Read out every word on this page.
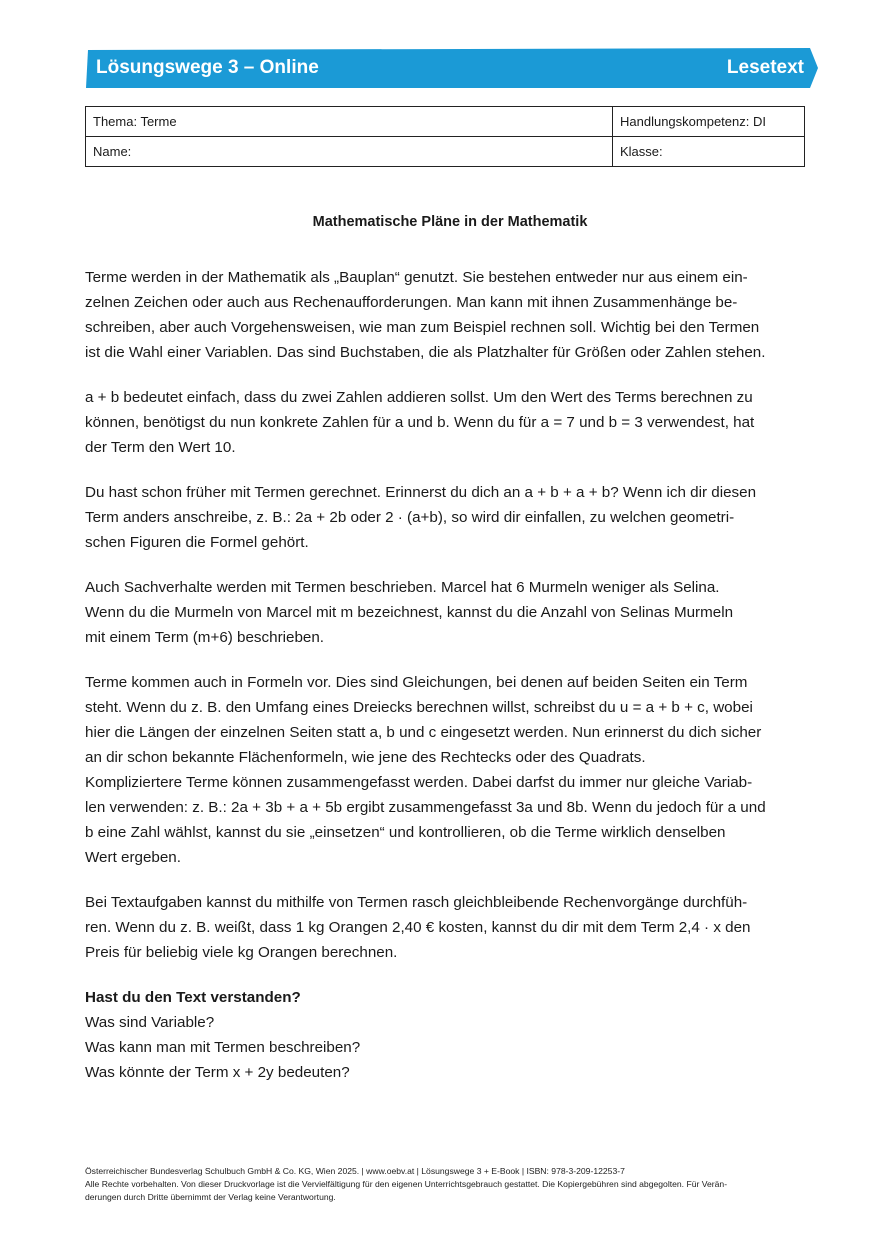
Lösungswege 3 – Online	Lesetext
Thema: Terme	Handlungskompetenz: DI
Name:	Klasse:
Mathematische Pläne in der Mathematik

Terme werden in der Mathematik als „Bauplan“ genutzt. Sie bestehen entweder nur aus einem ein-
zelnen Zeichen oder auch aus Rechenaufforderungen. Man kann mit ihnen Zusammenhänge be-
schreiben, aber auch Vorgehensweisen, wie man zum Beispiel rechnen soll. Wichtig bei den Termen
ist die Wahl einer Variablen. Das sind Buchstaben, die als Platzhalter für Größen oder Zahlen stehen.

a + b bedeutet einfach, dass du zwei Zahlen addieren sollst. Um den Wert des Terms berechnen zu
können, benötigst du nun konkrete Zahlen für a und b. Wenn du für a = 7 und b = 3 verwendest, hat
der Term den Wert 10.

Du hast schon früher mit Termen gerechnet. Erinnerst du dich an a + b + a + b? Wenn ich dir diesen
Term anders anschreibe, z. B.: 2a + 2b oder 2 · (a+b), so wird dir einfallen, zu welchen geometri-
schen Figuren die Formel gehört.

Auch Sachverhalte werden mit Termen beschrieben. Marcel hat 6 Murmeln weniger als Selina.
Wenn du die Murmeln von Marcel mit m bezeichnest, kannst du die Anzahl von Selinas Murmeln
mit einem Term (m+6) beschrieben.

Terme kommen auch in Formeln vor. Dies sind Gleichungen, bei denen auf beiden Seiten ein Term
steht. Wenn du z. B. den Umfang eines Dreiecks berechnen willst, schreibst du u = a + b + c, wobei
hier die Längen der einzelnen Seiten statt a, b und c eingesetzt werden. Nun erinnerst du dich sicher
an dir schon bekannte Flächenformeln, wie jene des Rechtecks oder des Quadrats.
Kompliziertere Terme können zusammengefasst werden. Dabei darfst du immer nur gleiche Variab-
len verwenden: z. B.: 2a + 3b + a + 5b ergibt zusammengefasst 3a und 8b. Wenn du jedoch für a und
b eine Zahl wählst, kannst du sie „einsetzen“ und kontrollieren, ob die Terme wirklich denselben
Wert ergeben.

Bei Textaufgaben kannst du mithilfe von Termen rasch gleichbleibende Rechenvorgänge durchfüh-
ren. Wenn du z. B. weißt, dass 1 kg Orangen 2,40 € kosten, kannst du dir mit dem Term 2,4 · x den
Preis für beliebig viele kg Orangen berechnen.

Hast du den Text verstanden?
Was sind Variable?
Was kann man mit Termen beschreiben?
Was könnte der Term x + 2y bedeuten?

Österreichischer Bundesverlag Schulbuch GmbH & Co. KG, Wien 2025. | www.oebv.at | Lösungswege 3 + E-Book | ISBN: 978-3-209-12253-7
Alle Rechte vorbehalten. Von dieser Druckvorlage ist die Vervielfältigung für den eigenen Unterrichtsgebrauch gestattet. Die Kopiergebühren sind abgegolten. Für Verän-
derungen durch Dritte übernimmt der Verlag keine Verantwortung.
